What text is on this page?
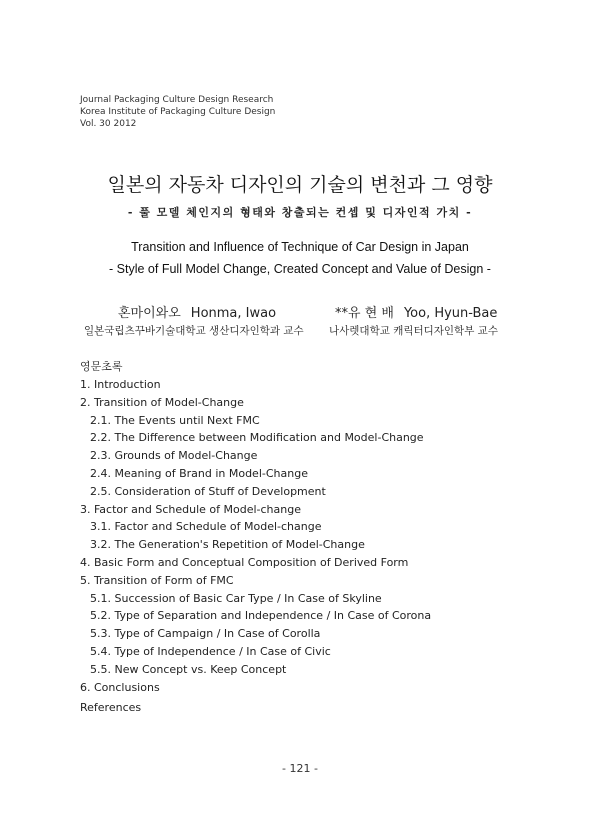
Journal Packaging Culture Design Research
Korea Institute of Packaging Culture Design
Vol. 30 2012
일본의 자동차 디자인의 기술의 변천과 그 영향
- 풀 모델 체인지의 형태와 창출되는 컨셉 및 디자인적 가치 -
Transition and Influence of Technique of Car Design in Japan
- Style of Full Model Change, Created Concept and Value of Design -
혼마이와오 Honma, Iwao	**유 현 배 Yoo, Hyun-Bae
일본국립츠꾸바기술대학교 생산디자인학과 교수 나사렛대학교 캐릭터디자인학부 교수
영문초록
1. Introduction
2. Transition of Model-Change
2.1. The Events until Next FMC
2.2. The Difference between Modification and Model-Change
2.3. Grounds of Model-Change
2.4. Meaning of Brand in Model-Change
2.5. Consideration of Stuff of Development
3. Factor and Schedule of Model-change
3.1. Factor and Schedule of Model-change
3.2. The Generation's Repetition of Model-Change
4. Basic Form and Conceptual Composition of Derived Form
5. Transition of Form of FMC
5.1. Succession of Basic Car Type / In Case of Skyline
5.2. Type of Separation and Independence / In Case of Corona
5.3. Type of Campaign / In Case of Corolla
5.4. Type of Independence / In Case of Civic
5.5. New Concept vs. Keep Concept
6. Conclusions
References
- 121 -
